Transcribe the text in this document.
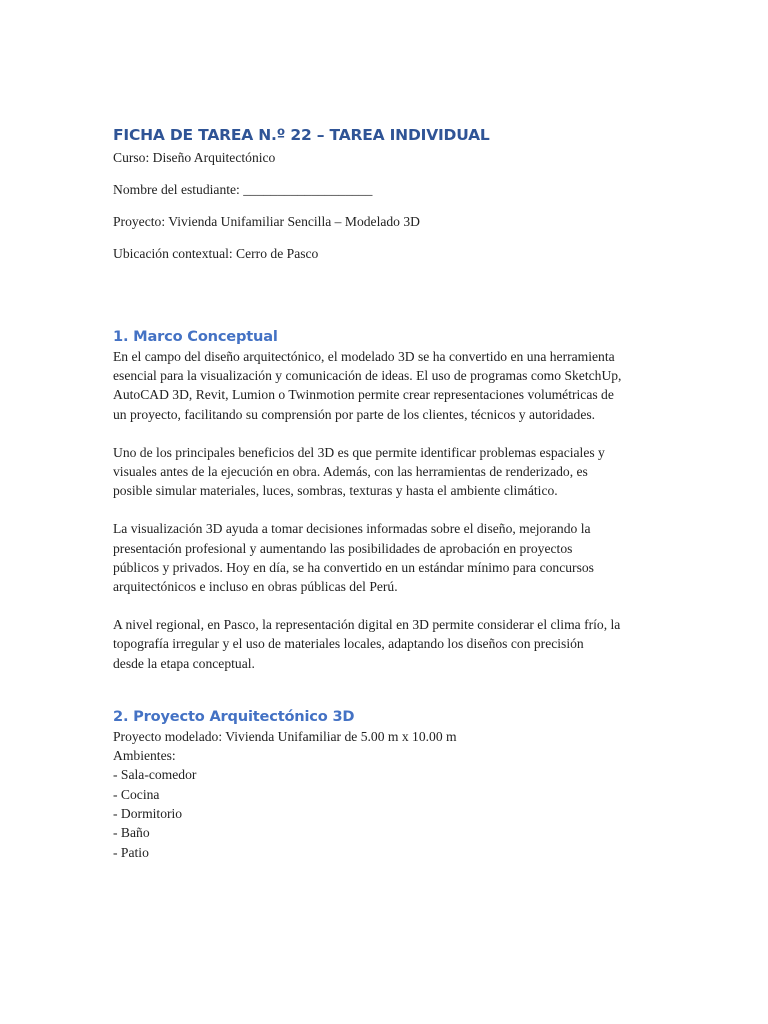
FICHA DE TAREA N.º 22 – TAREA INDIVIDUAL

Curso: Diseño Arquitectónico

Nombre del estudiante: ___________________

Proyecto: Vivienda Unifamiliar Sencilla – Modelado 3D

Ubicación contextual: Cerro de Pasco

1. Marco Conceptual

En el campo del diseño arquitectónico, el modelado 3D se ha convertido en una herramienta

esencial para la visualización y comunicación de ideas. El uso de programas como SketchUp,

AutoCAD 3D, Revit, Lumion o Twinmotion permite crear representaciones volumétricas de

un proyecto, facilitando su comprensión por parte de los clientes, técnicos y autoridades.

Uno de los principales beneficios del 3D es que permite identificar problemas espaciales y

visuales antes de la ejecución en obra. Además, con las herramientas de renderizado, es

posible simular materiales, luces, sombras, texturas y hasta el ambiente climático.

La visualización 3D ayuda a tomar decisiones informadas sobre el diseño, mejorando la

presentación profesional y aumentando las posibilidades de aprobación en proyectos

públicos y privados. Hoy en día, se ha convertido en un estándar mínimo para concursos

arquitectónicos e incluso en obras públicas del Perú.

A nivel regional, en Pasco, la representación digital en 3D permite considerar el clima frío, la

topografía irregular y el uso de materiales locales, adaptando los diseños con precisión

desde la etapa conceptual.

2. Proyecto Arquitectónico 3D

Proyecto modelado: Vivienda Unifamiliar de 5.00 m x 10.00 m

Ambientes:

- Sala-comedor

- Cocina

- Dormitorio

- Baño

- Patio
